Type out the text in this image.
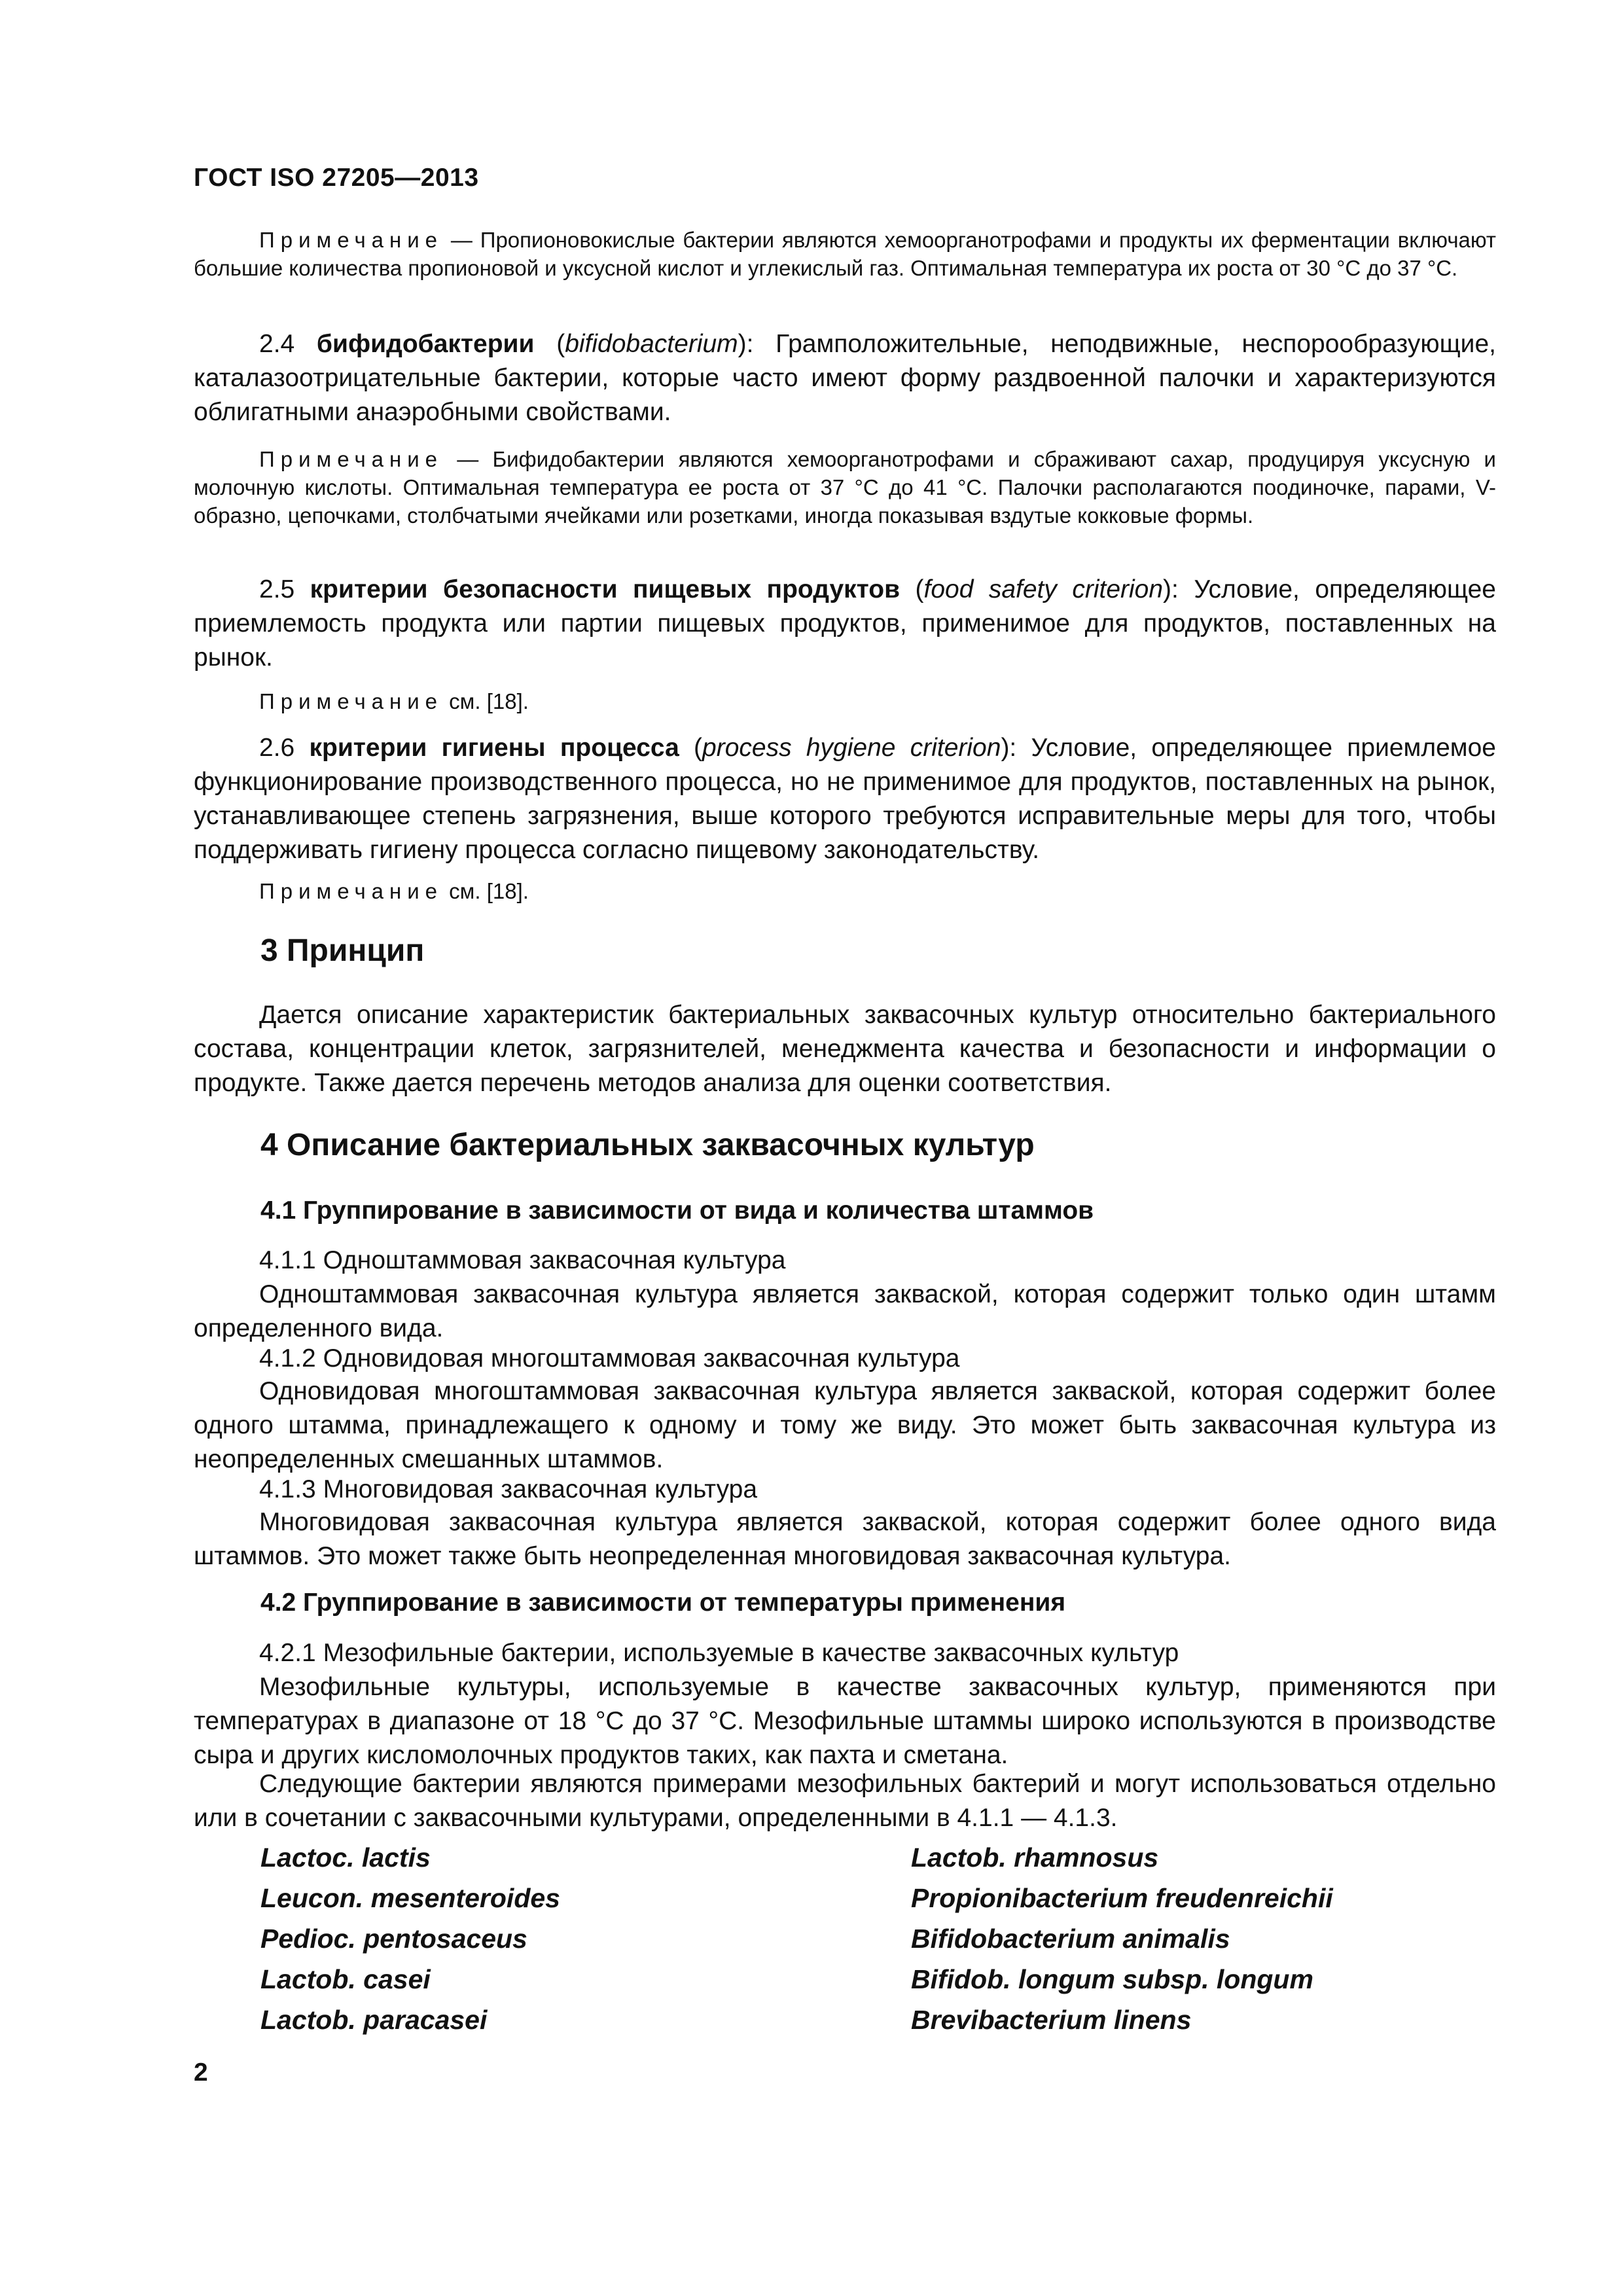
ГОСТ ISO 27205—2013
Примечание — Пропионовокислые бактерии являются хемоорганотрофами и продукты их ферментации включают большие количества пропионовой и уксусной кислот и углекислый газ. Оптимальная температура их роста от 30 °С до 37 °С.
2.4 бифидобактерии (bifidobacterium): Грамположительные, неподвижные, неспорообразующие, каталазоотрицательные бактерии, которые часто имеют форму раздвоенной палочки и характеризуются облигатными анаэробными свойствами.
Примечание — Бифидобактерии являются хемоорганотрофами и сбраживают сахар, продуцируя уксусную и молочную кислоты. Оптимальная температура ее роста от 37 °С до 41 °С. Палочки располагаются поодиночке, парами, V-образно, цепочками, столбчатыми ячейками или розетками, иногда показывая вздутые кокковые формы.
2.5 критерии безопасности пищевых продуктов (food safety criterion): Условие, определяющее приемлемость продукта или партии пищевых продуктов, применимое для продуктов, поставленных на рынок.
Примечание см. [18].
2.6 критерии гигиены процесса (process hygiene criterion): Условие, определяющее приемлемое функционирование производственного процесса, но не применимое для продуктов, поставленных на рынок, устанавливающее степень загрязнения, выше которого требуются исправительные меры для того, чтобы поддерживать гигиену процесса согласно пищевому законодательству.
Примечание см. [18].
3 Принцип
Дается описание характеристик бактериальных заквасочных культур относительно бактериального состава, концентрации клеток, загрязнителей, менеджмента качества и безопасности и информации о продукте. Также дается перечень методов анализа для оценки соответствия.
4 Описание бактериальных заквасочных культур
4.1 Группирование в зависимости от вида и количества штаммов
4.1.1 Одноштаммовая заквасочная культура
Одноштаммовая заквасочная культура является закваской, которая содержит только один штамм определенного вида.
4.1.2 Одновидовая многоштаммовая заквасочная культура
Одновидовая многоштаммовая заквасочная культура является закваской, которая содержит более одного штамма, принадлежащего к одному и тому же виду. Это может быть заквасочная культура из неопределенных смешанных штаммов.
4.1.3 Многовидовая заквасочная культура
Многовидовая заквасочная культура является закваской, которая содержит более одного вида штаммов. Это может также быть неопределенная многовидовая заквасочная культура.
4.2 Группирование в зависимости от температуры применения
4.2.1 Мезофильные бактерии, используемые в качестве заквасочных культур
Мезофильные культуры, используемые в качестве заквасочных культур, применяются при температурах в диапазоне от 18 °С до 37 °С. Мезофильные штаммы широко используются в производстве сыра и других кисломолочных продуктов таких, как пахта и сметана.
Следующие бактерии являются примерами мезофильных бактерий и могут использоваться отдельно или в сочетании с заквасочными культурами, определенными в 4.1.1 — 4.1.3.
Lactoc. lactis
Leucon. mesenteroides
Pedioc. pentosaceus
Lactob. casei
Lactob. paracasei
Lactob. rhamnosus
Propionibacterium freudenreichii
Bifidobacterium animalis
Bifidob. longum subsp. longum
Brevibacterium linens
2
